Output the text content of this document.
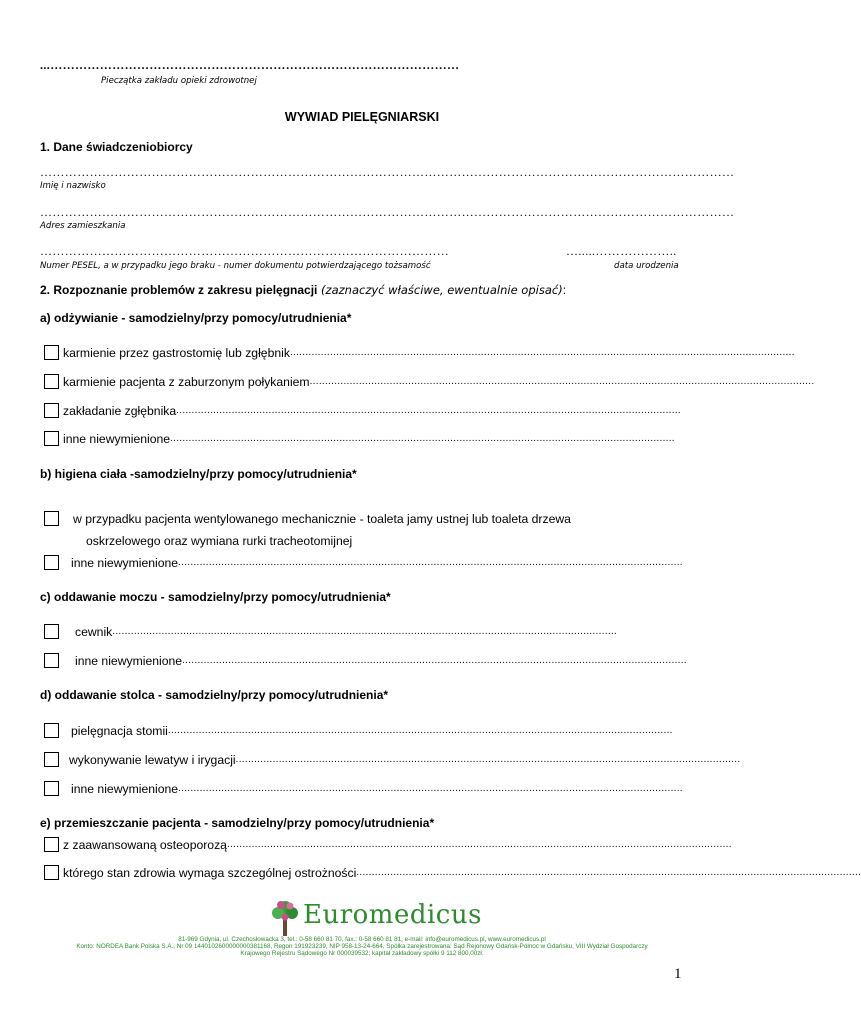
...………………………………………………………………………………………
Pieczątka zakładu opieki zdrowotnej
WYWIAD PIELĘGNIARSKI
1. Dane świadczeniobiorcy
……………………………………………………………………………………………………………………………………………………
Imię i nazwisko
……………………………………………………………………………………………………………………………………………………
Adres zamieszkania
………………………………………………………………………………………	….....………………..
Numer PESEL, a w przypadku jego braku - numer dokumentu potwierdzającego tożsamość	data urodzenia
2. Rozpoznanie problemów z zakresu pielęgnacji (zaznaczyć właściwe, ewentualnie opisać):
a) odżywianie - samodzielny/przy pomocy/utrudnienia*
karmienie przez gastrostomię lub zgłębnik ....................................................................................................................................................................
karmienie pacjenta z zaburzonym połykaniem ....................................................................................................................................................................
zakładanie zgłębnika ....................................................................................................................................................................
inne niewymienione ....................................................................................................................................................................
b) higiena ciała -samodzielny/przy pomocy/utrudnienia*
w przypadku pacjenta wentylowanego mechanicznie - toaleta jamy ustnej lub toaleta drzewa
oskrzelowego oraz wymiana rurki tracheotomijnej
inne niewymienione ....................................................................................................................................................................
c) oddawanie moczu - samodzielny/przy pomocy/utrudnienia*
cewnik ....................................................................................................................................................................
inne niewymienione ....................................................................................................................................................................
d) oddawanie stolca - samodzielny/przy pomocy/utrudnienia*
pielęgnacja stomii ....................................................................................................................................................................
wykonywanie lewatyw i irygacji ....................................................................................................................................................................
inne niewymienione ....................................................................................................................................................................
e) przemieszczanie pacjenta - samodzielny/przy pomocy/utrudnienia*
z zaawansowaną osteoporozą ....................................................................................................................................................................
którego stan zdrowia wymaga szczególnej ostrożności ....................................................................................................................................................................
Euromedicus
81-969 Gdynia, ul. Czechosłowacka 3, tel.: 0-58 660 81 70, fax.: 0-58 660 81 81, e-mail: info@euromedicus.pl, www.euromedicus.pl
Konto: NORDEA Bank Polska S.A., Nr 09 1440102600000000381168, Regon 191923239, NIP 958-13-24-664, Spółka zarejestrowana: Sąd Rejonowy Gdańsk-Północ w Gdańsku, VIII Wydział Gospodarczy
Krajowego Rejestru Sądowego Nr 000039532; kapitał zakładowy spółki 9 112 800,00zł.
1
